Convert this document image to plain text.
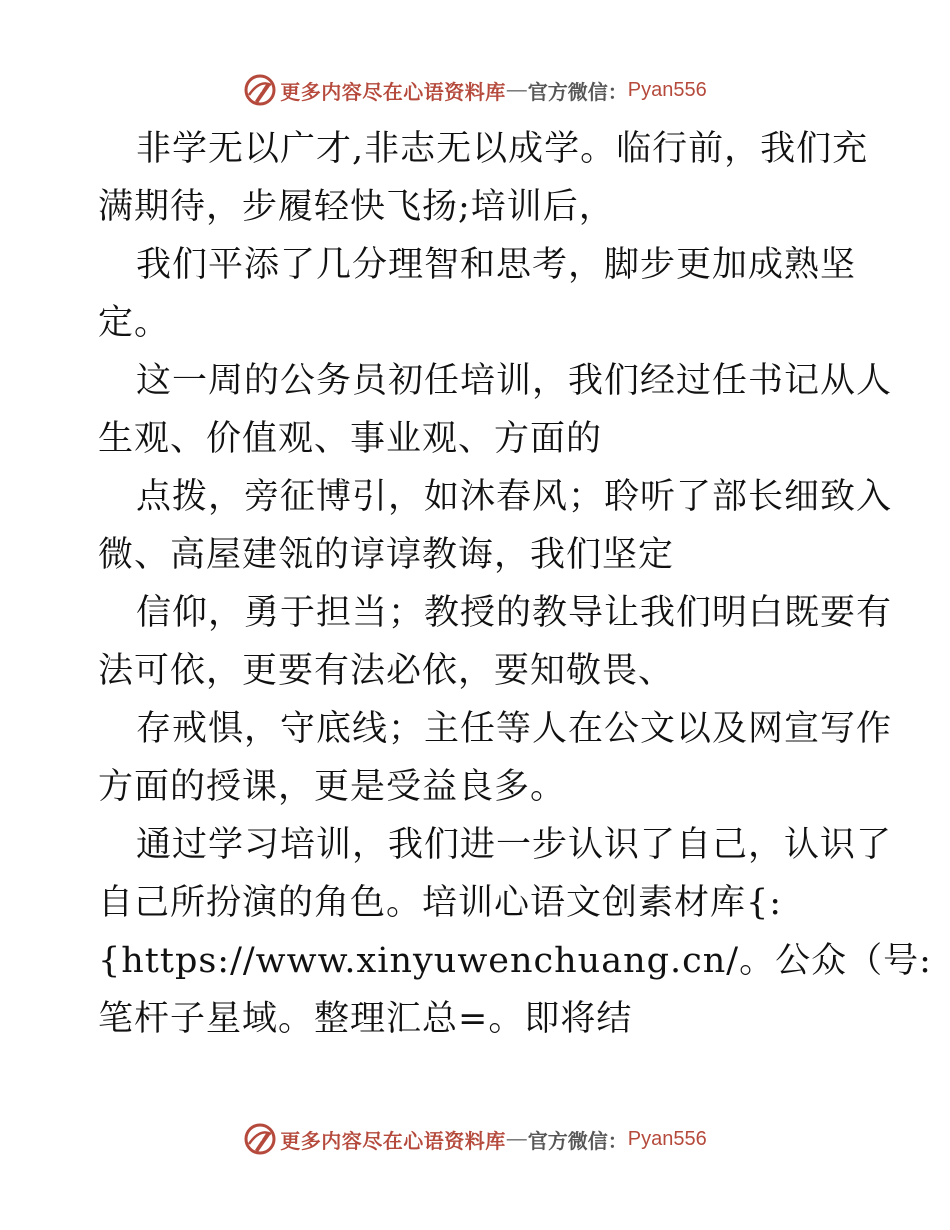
更多内容尽在心语资料库 — 官方微信： Pyan556
非学无以广才,非志无以成学。临行前，我们充
满期待，步履轻快飞扬;培训后，
我们平添了几分理智和思考，脚步更加成熟坚
定。
这一周的公务员初任培训，我们经过任书记从人
生观、价值观、事业观、方面的
点拨，旁征博引，如沐春风；聆听了部长细致入
微、高屋建瓴的谆谆教诲，我们坚定
信仰，勇于担当；教授的教导让我们明白既要有
法可依，更要有法必依，要知敬畏、
存戒惧，守底线；主任等人在公文以及网宣写作
方面的授课，更是受益良多。
通过学习培训，我们进一步认识了自己，认识了
自己所扮演的角色。培训心语文创素材库{:
{https://www.xinyuwenchuang.cn/。公众（号:
笔杆子星域。整理汇总=。即将结
更多内容尽在心语资料库 — 官方微信： Pyan556
